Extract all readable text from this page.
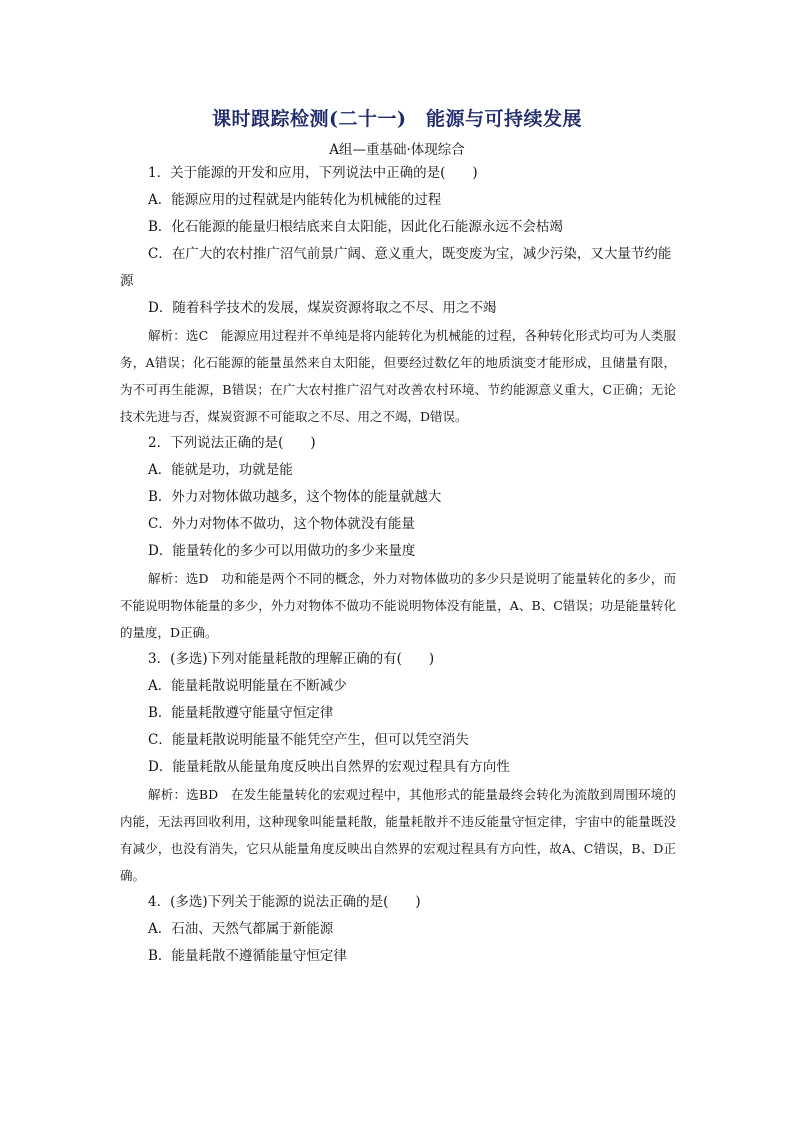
课时跟踪检测(二十一)　能源与可持续发展
A组—重基础·体现综合

1．关于能源的开发和应用，下列说法中正确的是(　　)

A．能源应用的过程就是内能转化为机械能的过程

B．化石能源的能量归根结底来自太阳能，因此化石能源永远不会枯竭

C．在广大的农村推广沼气前景广阔、意义重大，既变废为宝，减少污染，又大量节约能源

D．随着科学技术的发展，煤炭资源将取之不尽、用之不竭

解析：选C　能源应用过程并不单纯是将内能转化为机械能的过程，各种转化形式均可为人类服务，A错误；化石能源的能量虽然来自太阳能，但要经过数亿年的地质演变才能形成，且储量有限，为不可再生能源，B错误；在广大农村推广沼气对改善农村环境、节约能源意义重大，C正确；无论技术先进与否，煤炭资源不可能取之不尽、用之不竭，D错误。

2．下列说法正确的是(　　)

A．能就是功，功就是能

B．外力对物体做功越多，这个物体的能量就越大

C．外力对物体不做功，这个物体就没有能量

D．能量转化的多少可以用做功的多少来量度

解析：选D　功和能是两个不同的概念，外力对物体做功的多少只是说明了能量转化的多少，而不能说明物体能量的多少，外力对物体不做功不能说明物体没有能量，A、B、C错误；功是能量转化的量度，D正确。

3．(多选)下列对能量耗散的理解正确的有(　　)

A．能量耗散说明能量在不断减少

B．能量耗散遵守能量守恒定律

C．能量耗散说明能量不能凭空产生，但可以凭空消失

D．能量耗散从能量角度反映出自然界的宏观过程具有方向性

解析：选BD　在发生能量转化的宏观过程中，其他形式的能量最终会转化为流散到周围环境的内能，无法再回收利用，这种现象叫能量耗散，能量耗散并不违反能量守恒定律，宇宙中的能量既没有减少，也没有消失，它只从能量角度反映出自然界的宏观过程具有方向性，故A、C错误，B、D正确。

4．(多选)下列关于能源的说法正确的是(　　)

A．石油、天然气都属于新能源

B．能量耗散不遵循能量守恒定律
